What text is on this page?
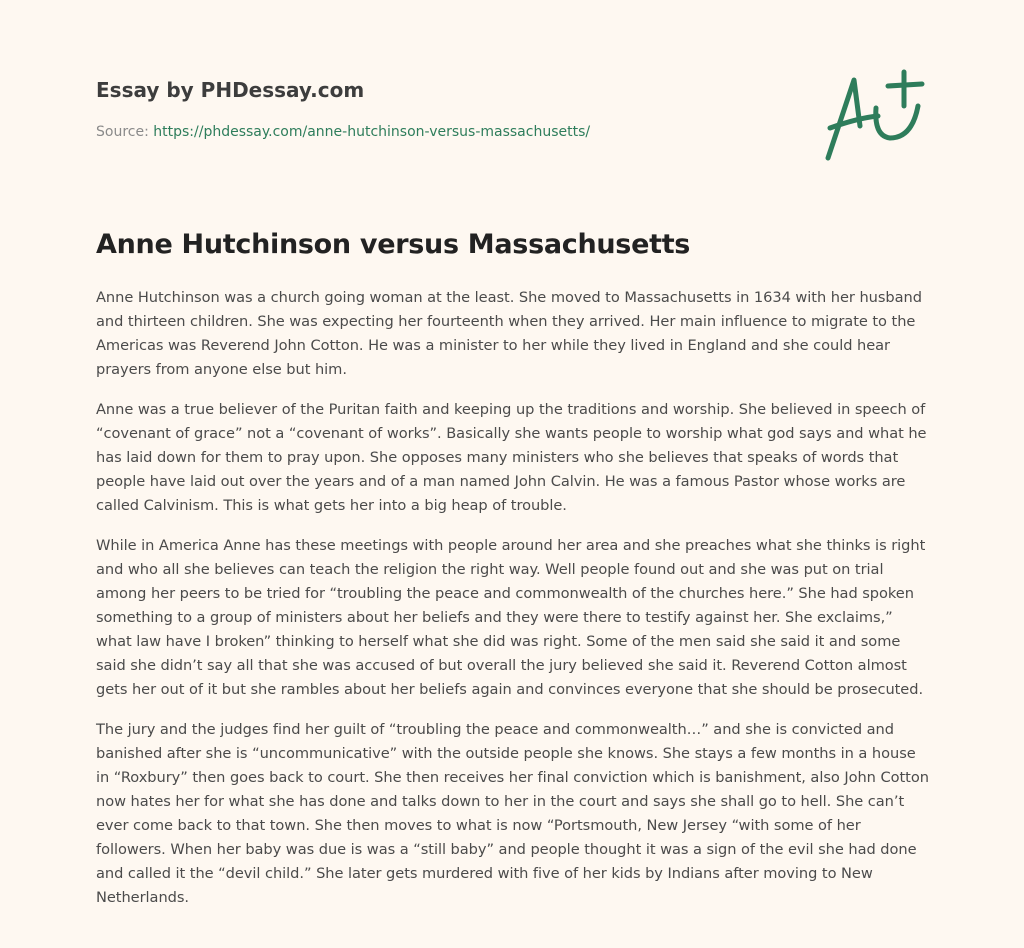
Essay by PHDessay.com
Source: https://phdessay.com/anne-hutchinson-versus-massachusetts/
Anne Hutchinson versus Massachusetts

Anne Hutchinson was a church going woman at the least. She moved to Massachusetts in 1634 with her husband and thirteen children. She was expecting her fourteenth when they arrived. Her main influence to migrate to the Americas was Reverend John Cotton. He was a minister to her while they lived in England and she could hear prayers from anyone else but him.

Anne was a true believer of the Puritan faith and keeping up the traditions and worship. She believed in speech of “covenant of grace” not a “covenant of works”. Basically she wants people to worship what god says and what he has laid down for them to pray upon. She opposes many ministers who she believes that speaks of words that people have laid out over the years and of a man named John Calvin. He was a famous Pastor whose works are called Calvinism. This is what gets her into a big heap of trouble.

While in America Anne has these meetings with people around her area and she preaches what she thinks is right and who all she believes can teach the religion the right way. Well people found out and she was put on trial among her peers to be tried for “troubling the peace and commonwealth of the churches here.” She had spoken something to a group of ministers about her beliefs and they were there to testify against her. She exclaims,” what law have I broken” thinking to herself what she did was right. Some of the men said she said it and some said she didn’t say all that she was accused of but overall the jury believed she said it. Reverend Cotton almost gets her out of it but she rambles about her beliefs again and convinces everyone that she should be prosecuted.

The jury and the judges find her guilt of “troubling the peace and commonwealth…” and she is convicted and banished after she is “uncommunicative” with the outside people she knows. She stays a few months in a house in “Roxbury” then goes back to court. She then receives her final conviction which is banishment, also John Cotton now hates her for what she has done and talks down to her in the court and says she shall go to hell. She can’t ever come back to that town. She then moves to what is now “Portsmouth, New Jersey “with some of her followers. When her baby was due is was a “still baby” and people thought it was a sign of the evil she had done and called it the “devil child.” She later gets murdered with five of her kids by Indians after moving to New Netherlands.
